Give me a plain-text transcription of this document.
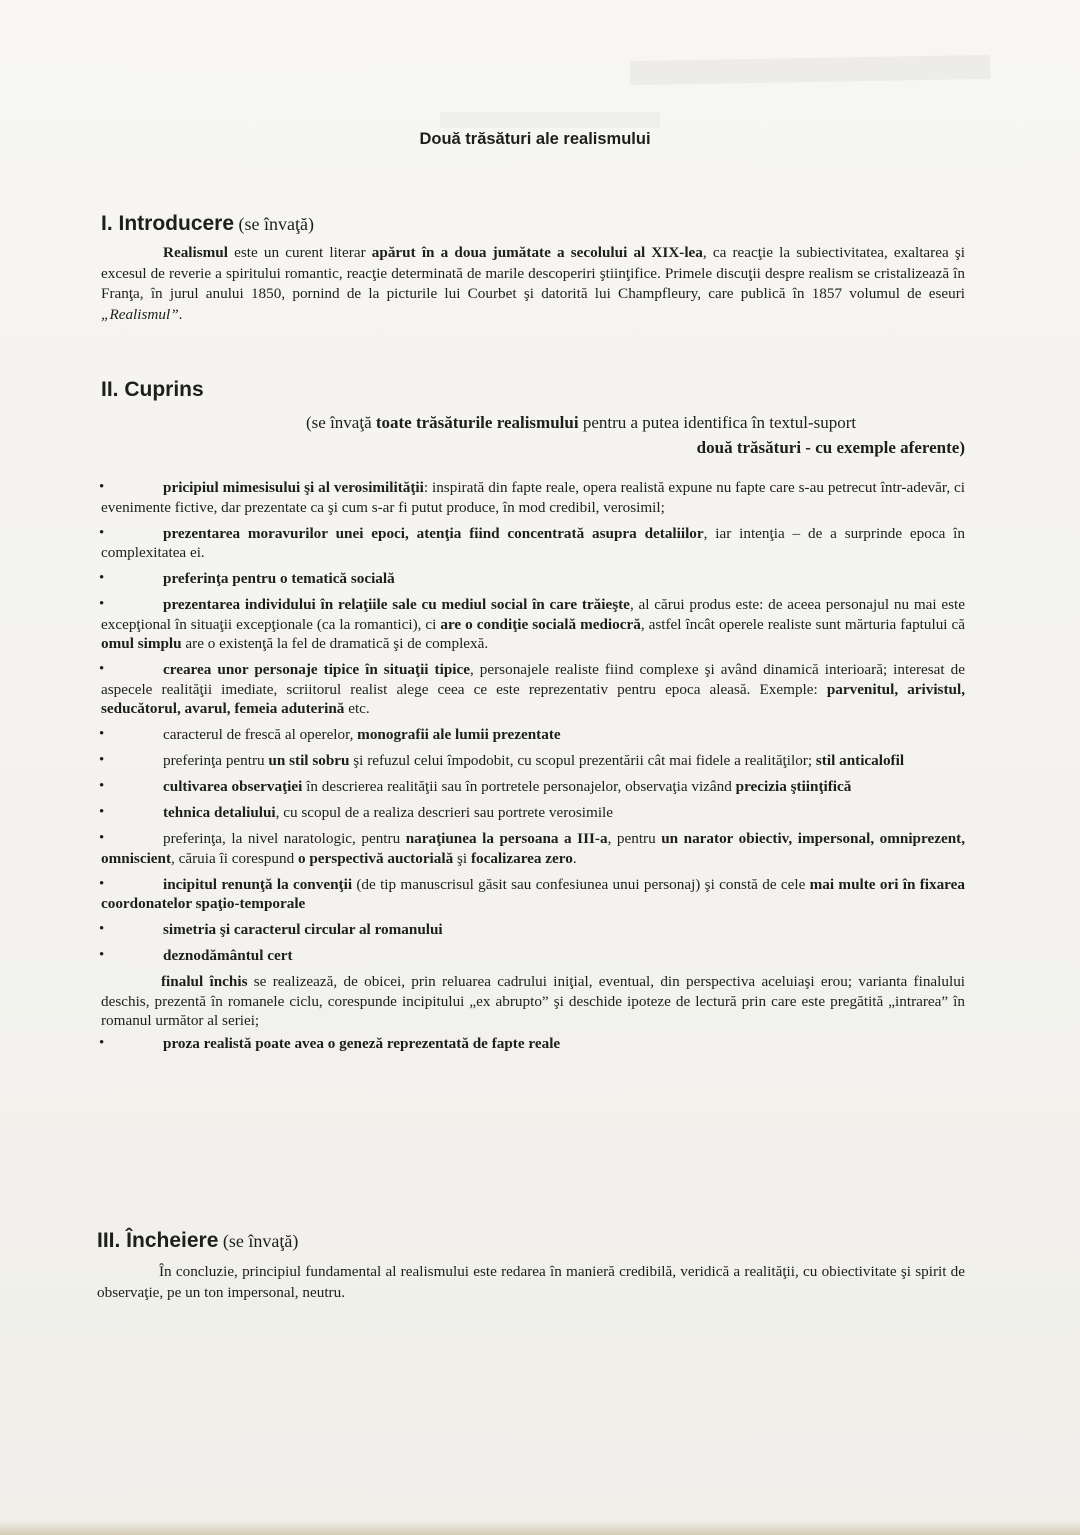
Două trăsături ale realismului
I. Introducere (se învaţă)
Realismul este un curent literar apărut în a doua jumătate a secolului al XIX-lea, ca reacţie la subiectivitatea, exaltarea şi excesul de reverie a spiritului romantic, reacţie determinată de marile descoperiri ştiinţifice. Primele discuţii despre realism se cristalizează în Franţa, în jurul anului 1850, pornind de la picturile lui Courbet şi datorită lui Champfleury, care publică în 1857 volumul de eseuri „Realismul”.
II. Cuprins
(se învaţă toate trăsăturile realismului pentru a putea identifica în textul-suport
două trăsături - cu exemple aferente)
•	pricipiul mimesisului şi al verosimilităţii: inspirată din fapte reale, opera realistă expune nu fapte care s-au petrecut într-adevăr, ci evenimente fictive, dar prezentate ca şi cum s-ar fi putut produce, în mod credibil, verosimil;
•	prezentarea moravurilor unei epoci, atenţia fiind concentrată asupra detaliilor, iar intenţia – de a surprinde epoca în complexitatea ei.
•	preferinţa pentru o tematică socială
•	prezentarea individului în relaţiile sale cu mediul social în care trăieşte, al cărui produs este: de aceea personajul nu mai este excepţional în situaţii excepţionale (ca la romantici), ci are o condiţie socială mediocră, astfel încât operele realiste sunt mărturia faptului că omul simplu are o existenţă la fel de dramatică şi de complexă.
•	crearea unor personaje tipice în situaţii tipice, personajele realiste fiind complexe şi având dinamică interioară; interesat de aspecele realităţii imediate, scriitorul realist alege ceea ce este reprezentativ pentru epoca aleasă. Exemple: parvenitul, arivistul, seducătorul, avarul, femeia aduterină etc.
•	caracterul de frescă al operelor, monografii ale lumii prezentate
•	preferinţa pentru un stil sobru şi refuzul celui împodobit, cu scopul prezentării cât mai fidele a realităţilor; stil anticalofil
•	cultivarea observaţiei în descrierea realităţii sau în portretele personajelor, observaţia vizând precizia ştiinţifică
•	tehnica detaliului, cu scopul de a realiza descrieri sau portrete verosimile
•	preferinţa, la nivel naratologic, pentru naraţiunea la persoana a III-a, pentru un narator obiectiv, impersonal, omniprezent, omniscient, căruia îi corespund o perspectivă auctorială şi focalizarea zero.
•	incipitul renunţă la convenţii (de tip manuscrisul găsit sau confesiunea unui personaj) şi constă de cele mai multe ori în fixarea coordonatelor spaţio-temporale
•	simetria şi caracterul circular al romanului
•	deznodământul cert
finalul închis se realizează, de obicei, prin reluarea cadrului iniţial, eventual, din perspectiva aceluiaşi erou; varianta finalului deschis, prezentă în romanele ciclu, corespunde incipitului „ex abrupto” şi deschide ipoteze de lectură prin care este pregătită „intrarea” în romanul următor al seriei;
•	proza realistă poate avea o geneză reprezentată de fapte reale
III. Încheiere (se învaţă)
În concluzie, principiul fundamental al realismului este redarea în manieră credibilă, veridică a realităţii, cu obiectivitate şi spirit de observaţie, pe un ton impersonal, neutru.
